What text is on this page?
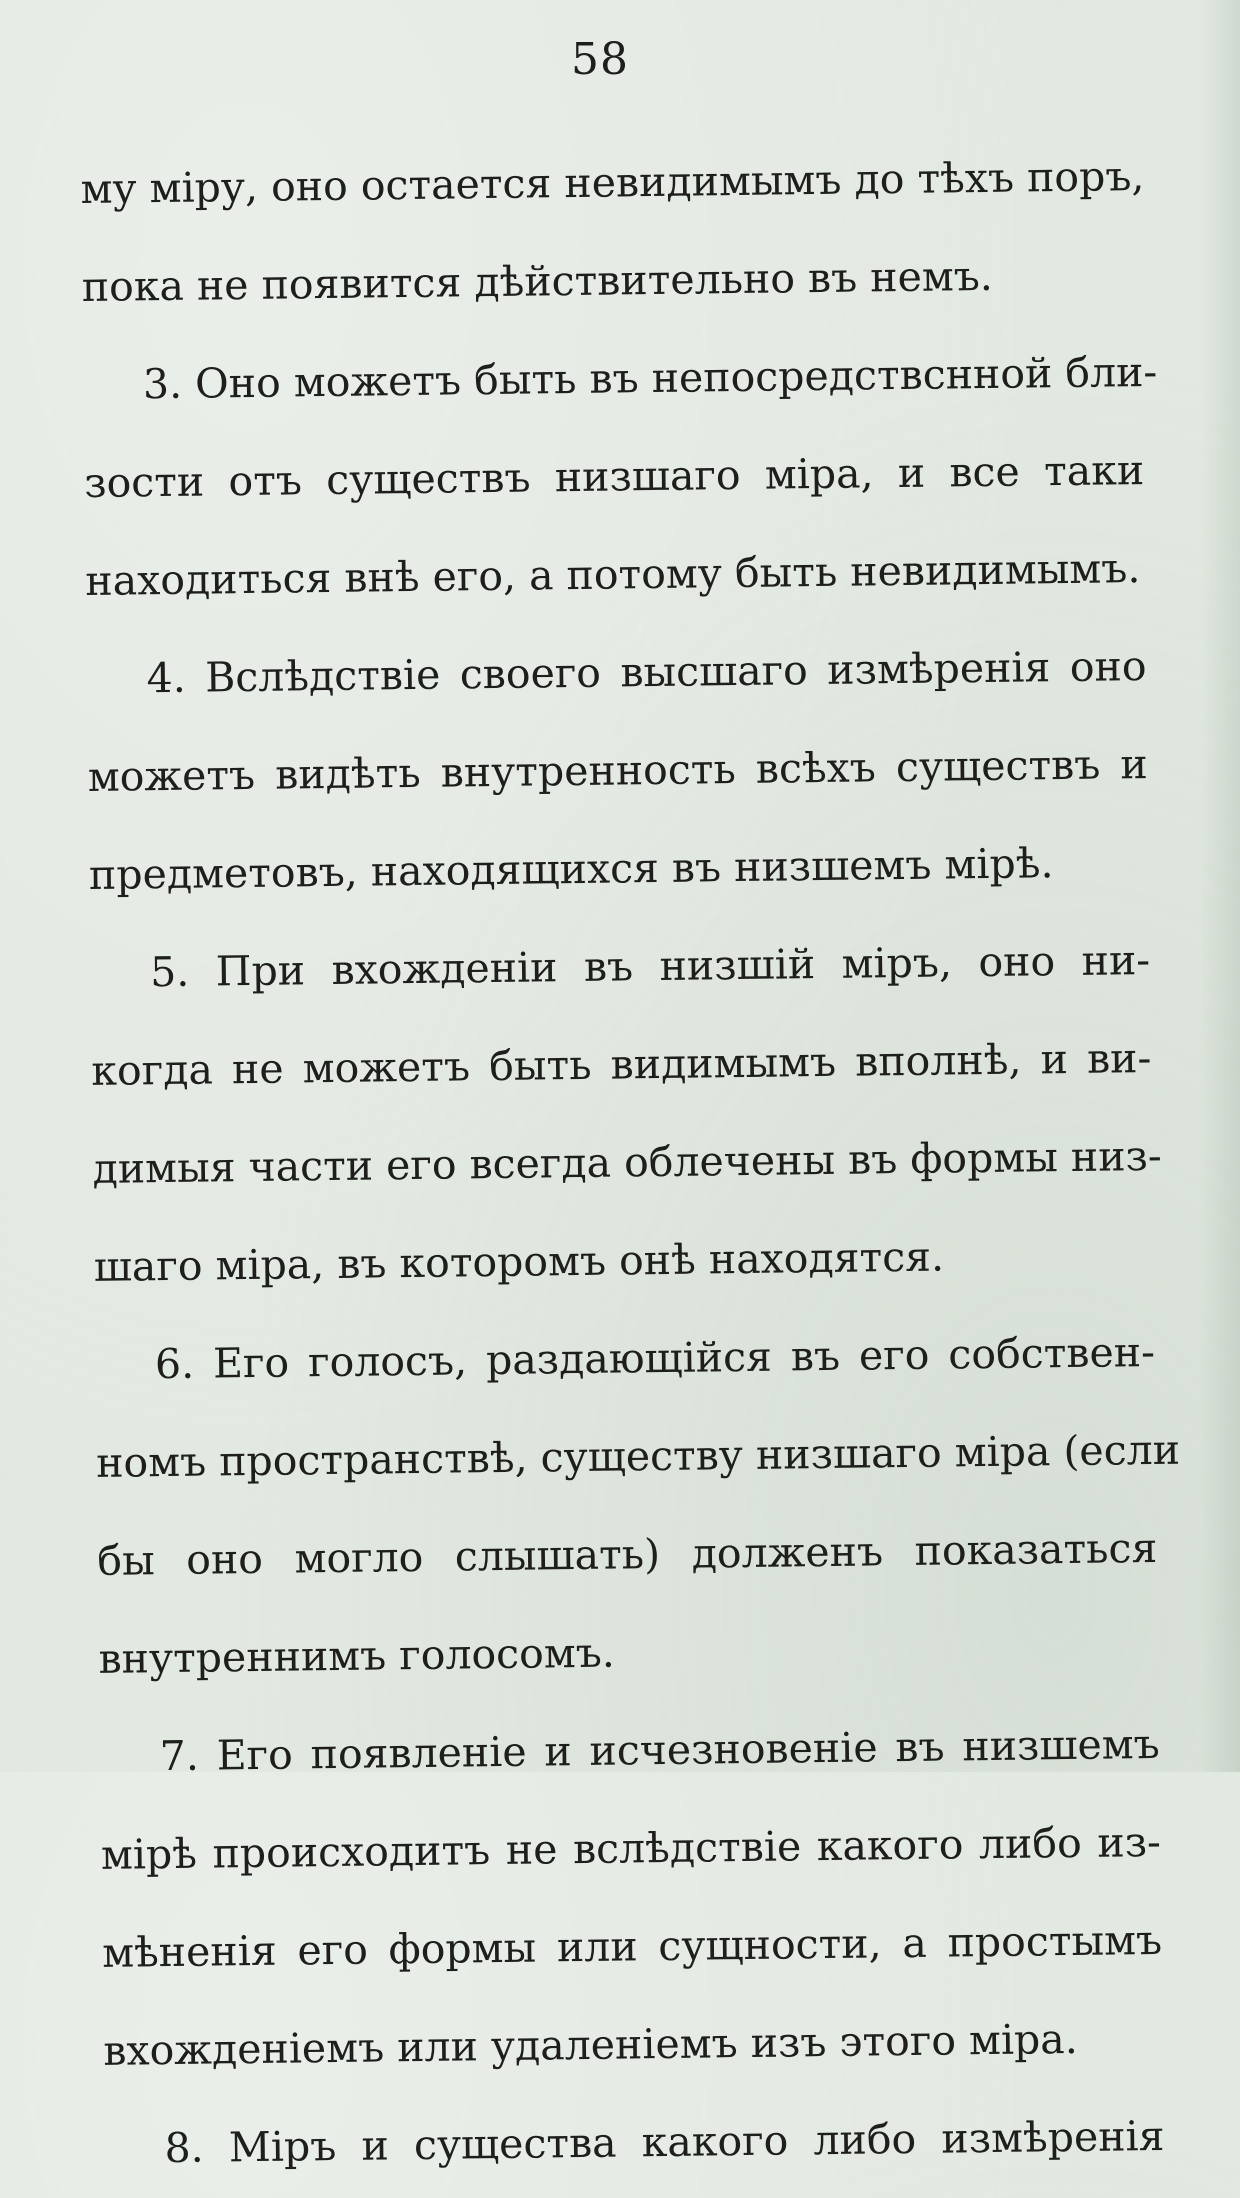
58
му міру, оно остается невидимымъ до тѣхъ поръ,
пока не появится дѣйствительно въ немъ.
3. Оно можетъ быть въ непосредствснной бли-
зости отъ существъ низшаго міра, и все таки
находиться внѣ его, а потому быть невидимымъ.
4. Вслѣдствіе своего высшаго измѣренія оно
можетъ видѣть внутренность всѣхъ существъ и
предметовъ, находящихся въ низшемъ мірѣ.
5. При вхожденіи въ низшій міръ, оно ни-
когда не можетъ быть видимымъ вполнѣ, и ви-
димыя части его всегда облечены въ формы низ-
шаго міра, въ которомъ онѣ находятся.
6. Его голосъ, раздающійся въ его собствен-
номъ пространствѣ, существу низшаго міра (если
бы оно могло слышать) долженъ показаться
внутреннимъ голосомъ.
7. Его появленіе и исчезновеніе въ низшемъ
мірѣ происходитъ не вслѣдствіе какого либо из-
мѣненія его формы или сущности, а простымъ
вхожденіемъ или удаленіемъ изъ этого міра.
8. Міръ и существа какого либо измѣренія
